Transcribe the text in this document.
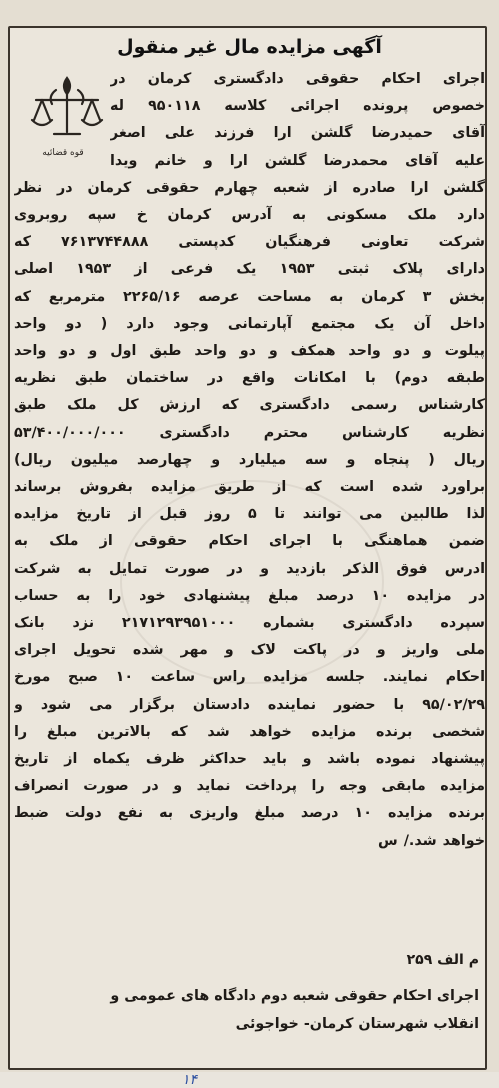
آگهی مزایده مال غیر منقول
قوه قضائیه
اجرای احکام حقوقی دادگستری کرمان در
خصوص پرونده اجرائی کلاسه ۹۵۰۱۱۸ له
آقای حمیدرضا گلشن ارا فرزند علی اصغر
علیه آقای محمدرضا گلشن ارا و خانم ویدا
گلشن ارا صادره از شعبه چهارم حقوقی کرمان در نظر
دارد ملک مسکونی به آدرس کرمان خ سپه روبروی
شرکت تعاونی فرهنگیان کدپستی ۷۶۱۳۷۴۴۸۸۸ که
دارای پلاک ثبتی ۱۹۵۳ یک فرعی از ۱۹۵۳ اصلی
بخش ۳ کرمان به مساحت عرصه ۲۲۶۵/۱۶ مترمربع که
داخل آن یک مجتمع آپارتمانی وجود دارد ( دو واحد
پیلوت و دو واحد همکف و دو واحد طبق اول و دو واحد
طبقه دوم) با امکانات واقع در ساختمان طبق نظریه
کارشناس رسمی دادگستری که ارزش کل ملک طبق
نظریه کارشناس محترم دادگستری ۵۳/۴۰۰/۰۰۰/۰۰۰
ریال ( پنجاه و سه میلیارد و چهارصد میلیون ریال)
براورد شده است که از طریق مزایده بفروش برساند
لذا طالبین می توانند تا ۵ روز قبل از تاریخ مزایده
ضمن هماهنگی با اجرای احکام حقوقی از ملک به
ادرس فوق الذکر بازدید و در صورت تمایل به شرکت
در مزایده ۱۰ درصد مبلغ پیشنهادی خود را به حساب
سپرده دادگستری بشماره ۲۱۷۱۲۹۳۹۵۱۰۰۰ نزد بانک
ملی واریز و در پاکت لاک و مهر شده تحویل اجرای
احکام نمایند. جلسه مزایده راس ساعت ۱۰ صبح مورخ
۹۵/۰۲/۲۹ با حضور نماینده دادستان برگزار می شود و
شخصی برنده مزایده خواهد شد که بالاترین مبلغ را
پیشنهاد نموده باشد و باید حداکثر ظرف یکماه از تاریخ
مزایده مابقی وجه را پرداخت نماید و در صورت انصراف
برنده مزایده ۱۰ درصد مبلغ واریزی به نفع دولت ضبط
خواهد شد./ س
م الف ۲۵۹
اجرای احکام حقوقی شعبه دوم دادگاه های عمومی و
انقلاب شهرستان کرمان- خواجوئی
۱۴
